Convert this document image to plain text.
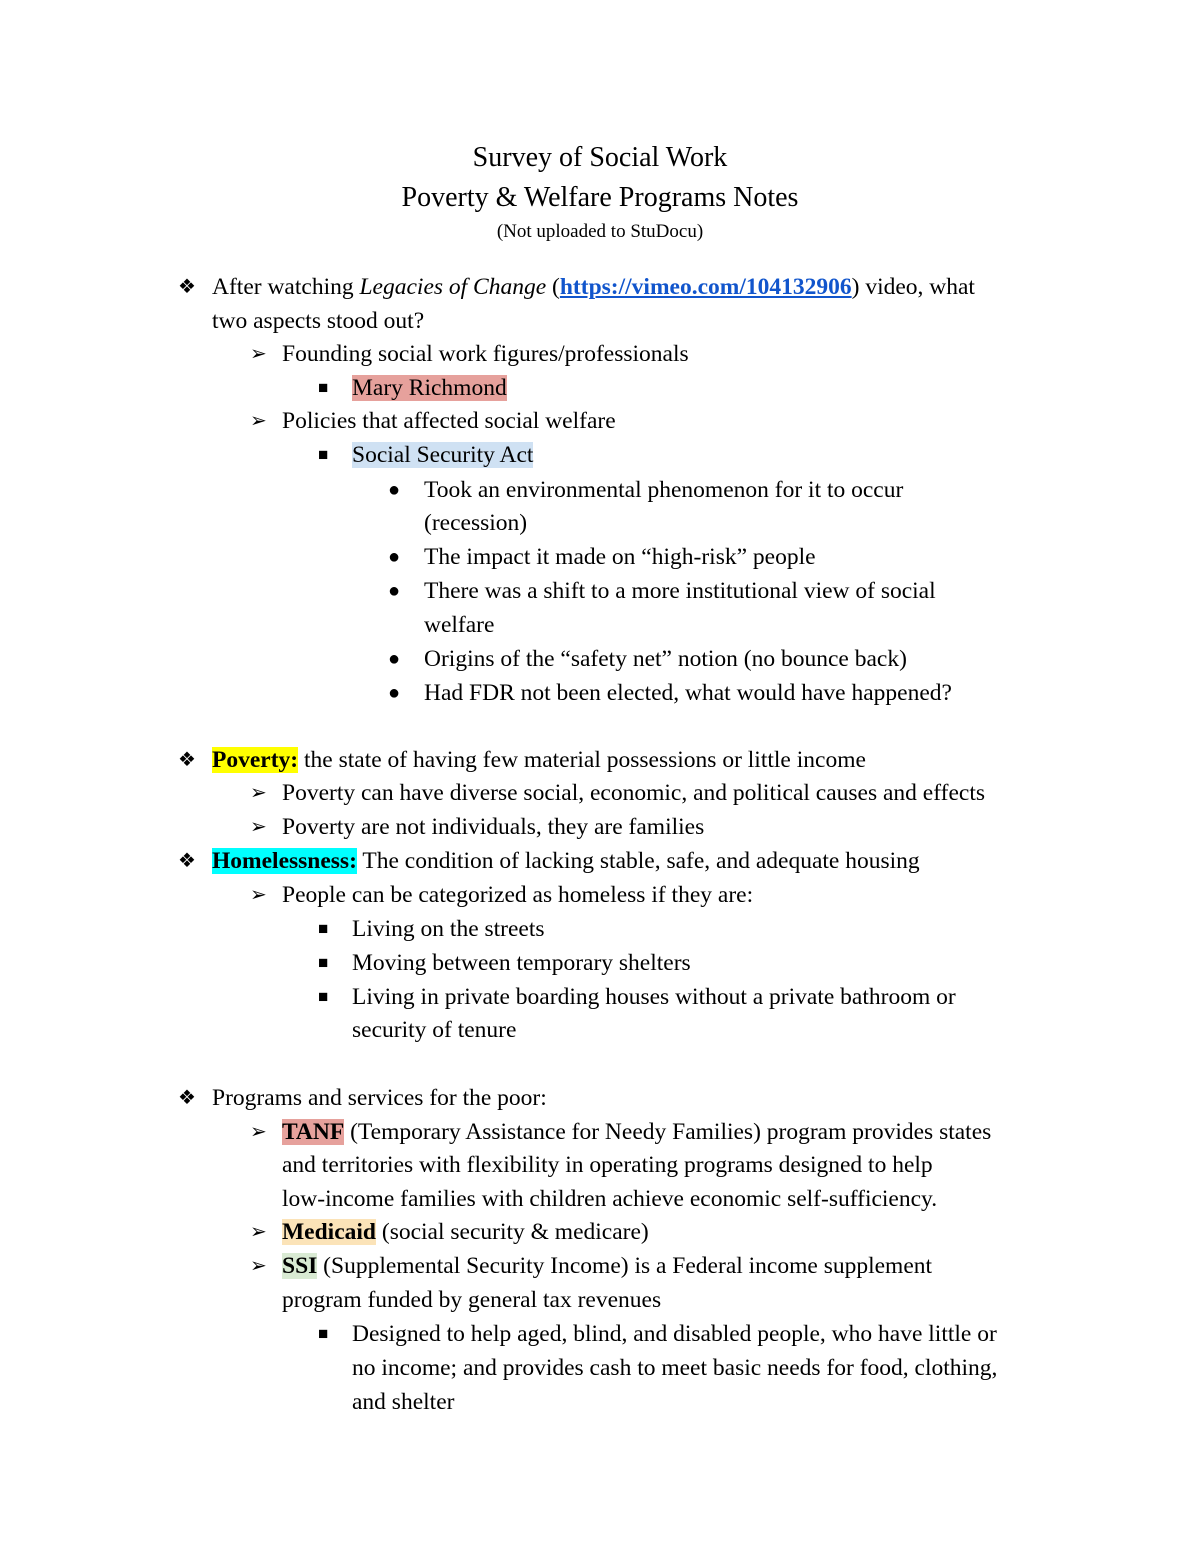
Survey of Social Work
Poverty & Welfare Programs Notes
(Not uploaded to StuDocu)
❖ After watching Legacies of Change (https://vimeo.com/104132906) video, what
two aspects stood out?
➢ Founding social work figures/professionals
■ Mary Richmond
➢ Policies that affected social welfare
■ Social Security Act
● Took an environmental phenomenon for it to occur
(recession)
● The impact it made on “high-risk” people
● There was a shift to a more institutional view of social
welfare
● Origins of the “safety net” notion (no bounce back)
● Had FDR not been elected, what would have happened?
❖ Poverty: the state of having few material possessions or little income
➢ Poverty can have diverse social, economic, and political causes and effects
➢ Poverty are not individuals, they are families
❖ Homelessness: The condition of lacking stable, safe, and adequate housing
➢ People can be categorized as homeless if they are:
■ Living on the streets
■ Moving between temporary shelters
■ Living in private boarding houses without a private bathroom or
security of tenure
❖ Programs and services for the poor:
➢ TANF (Temporary Assistance for Needy Families) program provides states
and territories with flexibility in operating programs designed to help
low-income families with children achieve economic self-sufficiency.
➢ Medicaid (social security & medicare)
➢ SSI (Supplemental Security Income) is a Federal income supplement
program funded by general tax revenues
■ Designed to help aged, blind, and disabled people, who have little or
no income; and provides cash to meet basic needs for food, clothing,
and shelter
